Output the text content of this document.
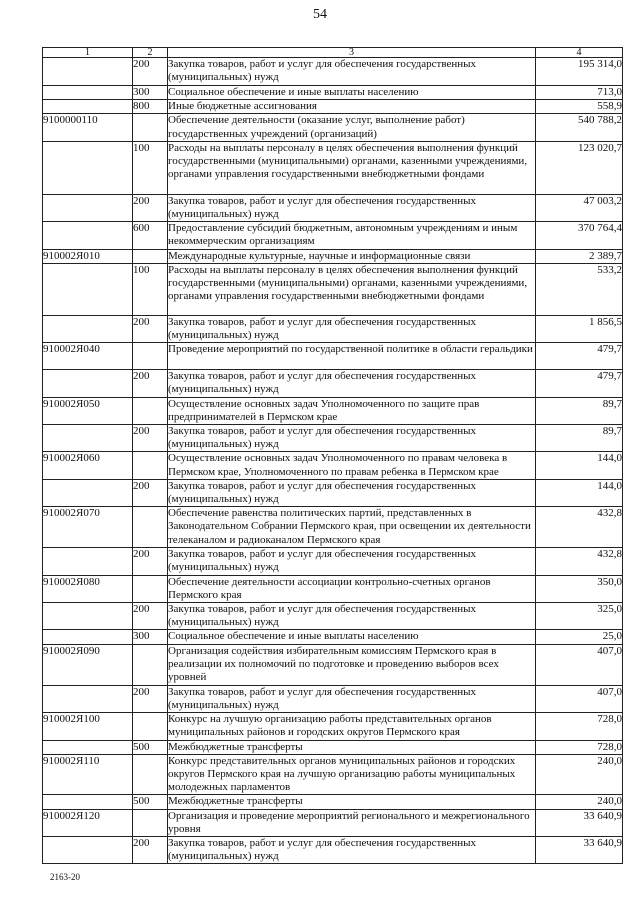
54
1	2	3	4
	200	Закупка товаров, работ и услуг для обеспечения государственных
(муниципальных) нужд	195 314,0
	300	Социальное обеспечение и иные выплаты населению	713,0
	800	Иные бюджетные ассигнования	558,9
9100000110		Обеспечение деятельности (оказание услуг, выполнение работ)
государственных учреждений (организаций)	540 788,2
	100	Расходы на выплаты персоналу в целях обеспечения выполнения функций
государственными (муниципальными) органами, казенными учреждениями,
органами управления государственными внебюджетными фондами	123 020,7
	200	Закупка товаров, работ и услуг для обеспечения государственных
(муниципальных) нужд	47 003,2
	600	Предоставление субсидий бюджетным, автономным учреждениям и иным
некоммерческим организациям	370 764,4
910002Я010		Международные культурные, научные и информационные связи	2 389,7
	100	Расходы на выплаты персоналу в целях обеспечения выполнения функций
государственными (муниципальными) органами, казенными учреждениями,
органами управления государственными внебюджетными фондами	533,2
	200	Закупка товаров, работ и услуг для обеспечения государственных
(муниципальных) нужд	1 856,5
910002Я040		Проведение мероприятий по государственной политике в области геральдики	479,7
	200	Закупка товаров, работ и услуг для обеспечения государственных
(муниципальных) нужд	479,7
910002Я050		Осуществление основных задач Уполномоченного по защите прав
предпринимателей в Пермском крае	89,7
	200	Закупка товаров, работ и услуг для обеспечения государственных
(муниципальных) нужд	89,7
910002Я060		Осуществление основных задач Уполномоченного по правам человека в
Пермском крае, Уполномоченного по правам ребенка в Пермском крае	144,0
	200	Закупка товаров, работ и услуг для обеспечения государственных
(муниципальных) нужд	144,0
910002Я070		Обеспечение равенства политических партий, представленных в
Законодательном Собрании Пермского края, при освещении их деятельности
телеканалом и радиоканалом Пермского края	432,8
	200	Закупка товаров, работ и услуг для обеспечения государственных
(муниципальных) нужд	432,8
910002Я080		Обеспечение деятельности ассоциации контрольно-счетных органов
Пермского края	350,0
	200	Закупка товаров, работ и услуг для обеспечения государственных
(муниципальных) нужд	325,0
	300	Социальное обеспечение и иные выплаты населению	25,0
910002Я090		Организация содействия избирательным комиссиям Пермского края в
реализации их полномочий по подготовке и проведению выборов всех
уровней	407,0
	200	Закупка товаров, работ и услуг для обеспечения государственных
(муниципальных) нужд	407,0
910002Я100		Конкурс на лучшую организацию работы представительных органов
муниципальных районов и городских округов Пермского края	728,0
	500	Межбюджетные трансферты	728,0
910002Я110		Конкурс представительных органов муниципальных районов и городских
округов Пермского края на лучшую организацию работы муниципальных
молодежных парламентов	240,0
	500	Межбюджетные трансферты	240,0
910002Я120		Организация и проведение мероприятий регионального и межрегионального
уровня	33 640,9
	200	Закупка товаров, работ и услуг для обеспечения государственных
(муниципальных) нужд	33 640,9
2163-20
